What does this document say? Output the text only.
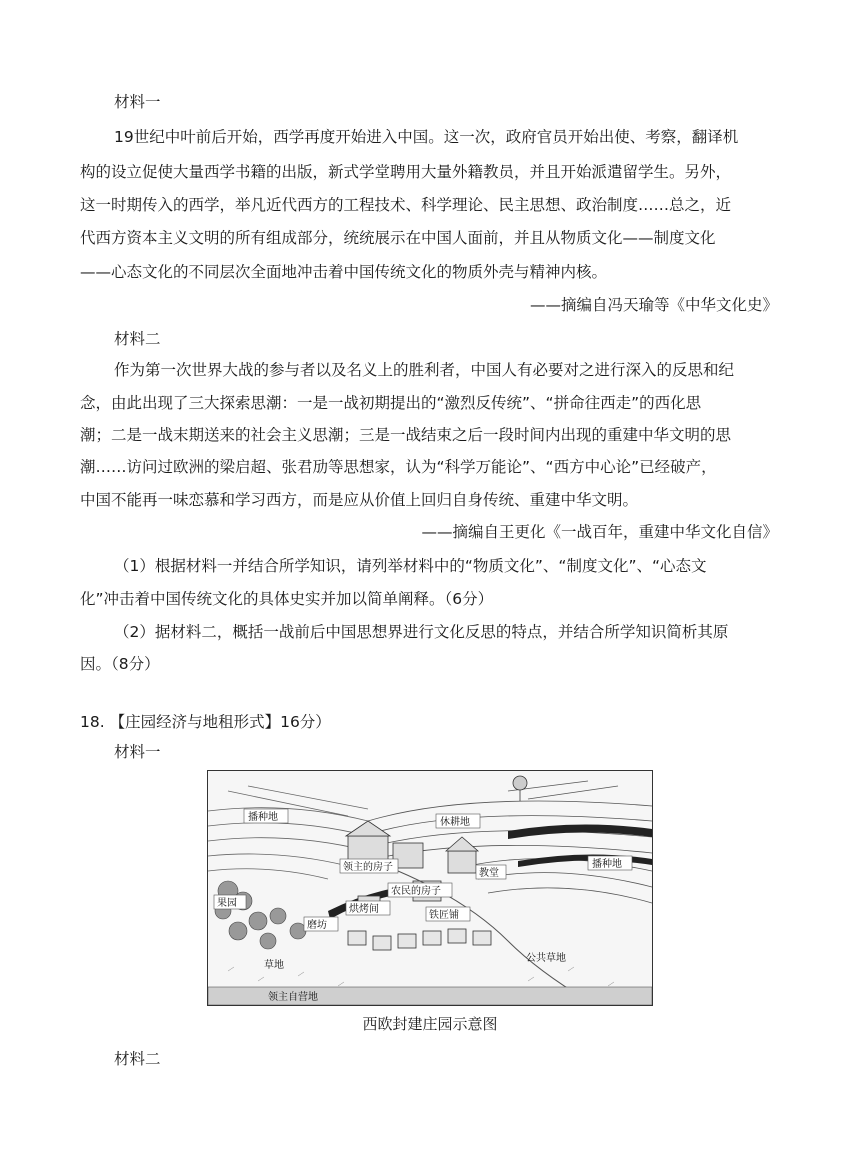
材料一
19世纪中叶前后开始，西学再度开始进入中国。这一次，政府官员开始出使、考察，翻译机
构的设立促使大量西学书籍的出版，新式学堂聘用大量外籍教员，并且开始派遣留学生。另外，
这一时期传入的西学，举凡近代西方的工程技术、科学理论、民主思想、政治制度……总之，近
代西方资本主义文明的所有组成部分，统统展示在中国人面前，并且从物质文化——制度文化
——心态文化的不同层次全面地冲击着中国传统文化的物质外壳与精神内核。
——摘编自冯天瑜等《中华文化史》
材料二
作为第一次世界大战的参与者以及名义上的胜利者，中国人有必要对之进行深入的反思和纪
念，由此出现了三大探索思潮：一是一战初期提出的“激烈反传统”、“拼命往西走”的西化思
潮；二是一战末期送来的社会主义思潮；三是一战结束之后一段时间内出现的重建中华文明的思
潮……访问过欧洲的梁启超、张君劢等思想家，认为“科学万能论”、“西方中心论”已经破产，
中国不能再一味恋慕和学习西方，而是应从价值上回归自身传统、重建中华文明。
——摘编自王更化《一战百年，重建中华文化自信》
（1）根据材料一并结合所学知识，请列举材料中的“物质文化”、“制度文化”、“心态文
化”冲击着中国传统文化的具体史实并加以简单阐释。（6分）
（2）据材料二，概括一战前后中国思想界进行文化反思的特点，并结合所学知识简析其原
因。（8分）
18. 【庄园经济与地租形式】16分）
材料一
播种地	休耕地
领主的房子
教堂
播种地
果园
农民的房子
烘烤间
铁匠铺
磨坊
草地
公共草地
领主自营地
西欧封建庄园示意图
材料二
